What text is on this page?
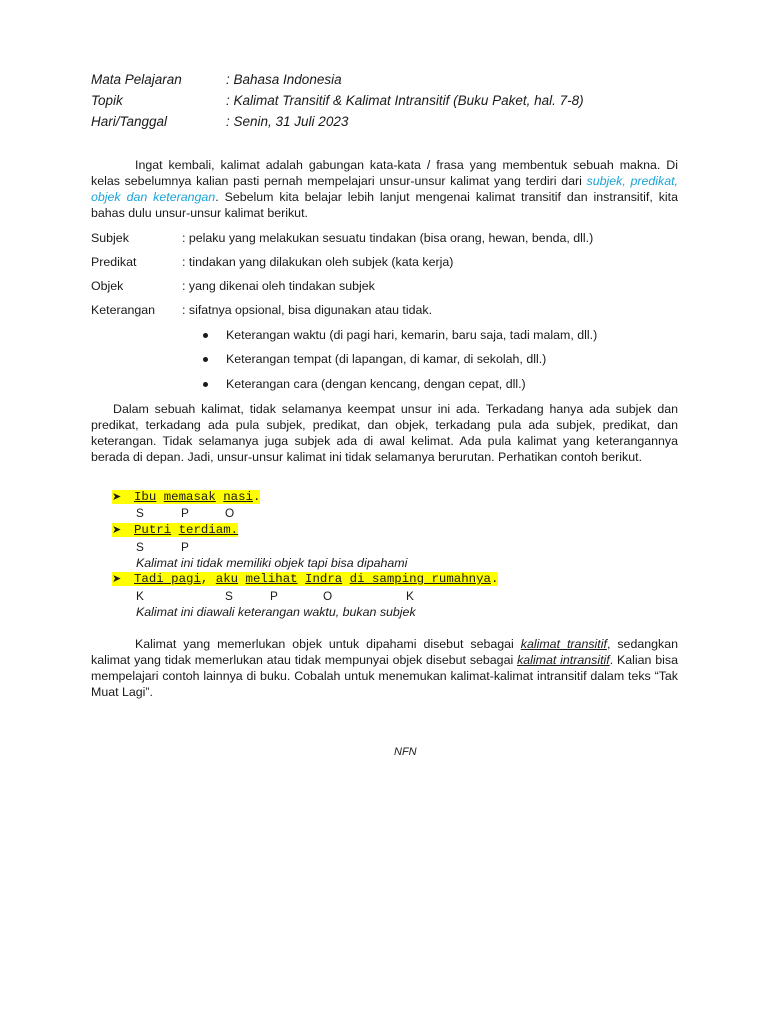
Mata Pelajaran	: Bahasa Indonesia
Topik	: Kalimat Transitif & Kalimat Intransitif (Buku Paket, hal. 7-8)
Hari/Tanggal	: Senin, 31 Juli 2023
Ingat kembali, kalimat adalah gabungan kata-kata / frasa yang membentuk sebuah makna. Di kelas sebelumnya kalian pasti pernah mempelajari unsur-unsur kalimat yang terdiri dari subjek, predikat, objek dan keterangan. Sebelum kita belajar lebih lanjut mengenai kalimat transitif dan instransitif, kita bahas dulu unsur-unsur kalimat berikut.
Subjek	: pelaku yang melakukan sesuatu tindakan (bisa orang, hewan, benda, dll.)
Predikat	: tindakan yang dilakukan oleh subjek (kata kerja)
Objek	: yang dikenai oleh tindakan subjek
Keterangan : sifatnya opsional, bisa digunakan atau tidak.
Keterangan waktu (di pagi hari, kemarin, baru saja, tadi malam, dll.)
Keterangan tempat (di lapangan, di kamar, di sekolah, dll.)
Keterangan cara (dengan kencang, dengan cepat, dll.)
Dalam sebuah kalimat, tidak selamanya keempat unsur ini ada. Terkadang hanya ada subjek dan predikat, terkadang ada pula subjek, predikat, dan objek, terkadang pula ada subjek, predikat, dan keterangan. Tidak selamanya juga subjek ada di awal kelimat. Ada pula kalimat yang keterangannya berada di depan. Jadi, unsur-unsur kalimat ini tidak selamanya berurutan. Perhatikan contoh berikut.
➤ Ibu memasak nasi.
S	P	O
➤ Putri terdiam.
S	P
Kalimat ini tidak memiliki objek tapi bisa dipahami
➤ Tadi pagi, aku melihat Indra di samping rumahnya.
K	S	P	O	K
Kalimat ini diawali keterangan waktu, bukan subjek
Kalimat yang memerlukan objek untuk dipahami disebut sebagai kalimat transitif, sedangkan kalimat yang tidak memerlukan atau tidak mempunyai objek disebut sebagai kalimat intransitif. Kalian bisa mempelajari contoh lainnya di buku. Cobalah untuk menemukan kalimat-kalimat intransitif dalam teks “Tak Muat Lagi”.
NFN
